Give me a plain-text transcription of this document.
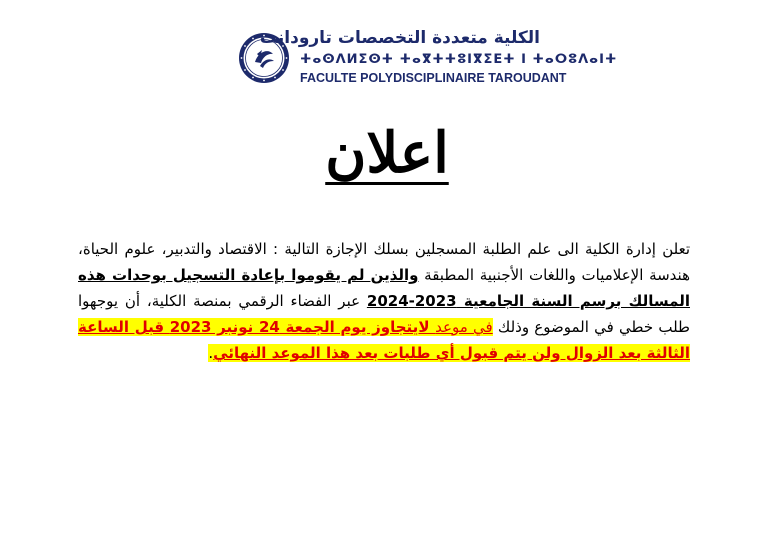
الكلية متعددة التخصصات تارودانت
ⵜⴰⵙⴷⵍⵉⵙⵜ ⵜⴰⴳⵜⵜⵓⵏⴳⵉⴹⵜ ⵏ ⵜⴰⵔⵓⴷⴰⵏⵜ
FACULTE POLYDISCIPLINAIRE TAROUDANT
اعلان

تعلن إدارة الكلية الى علم الطلبة المسجلين بسلك الإجازة التالية : الاقتصاد والتدبير، علوم الحياة، هندسة الإعلاميات واللغات الأجنبية المطبقة والذين لم يقوموا بإعادة التسجيل بوحدات هذه المسالك برسم السنة الجامعية 2023-2024 عبر الفضاء الرقمي بمنصة الكلية، أن يوجهوا طلب خطي في الموضوع وذلك في موعد لايتجاوز يوم الجمعة 24 نونبر 2023 قبل الساعة الثالثة بعد الزوال ولن يتم قبول أي طلبات بعد هذا الموعد النهائي.
